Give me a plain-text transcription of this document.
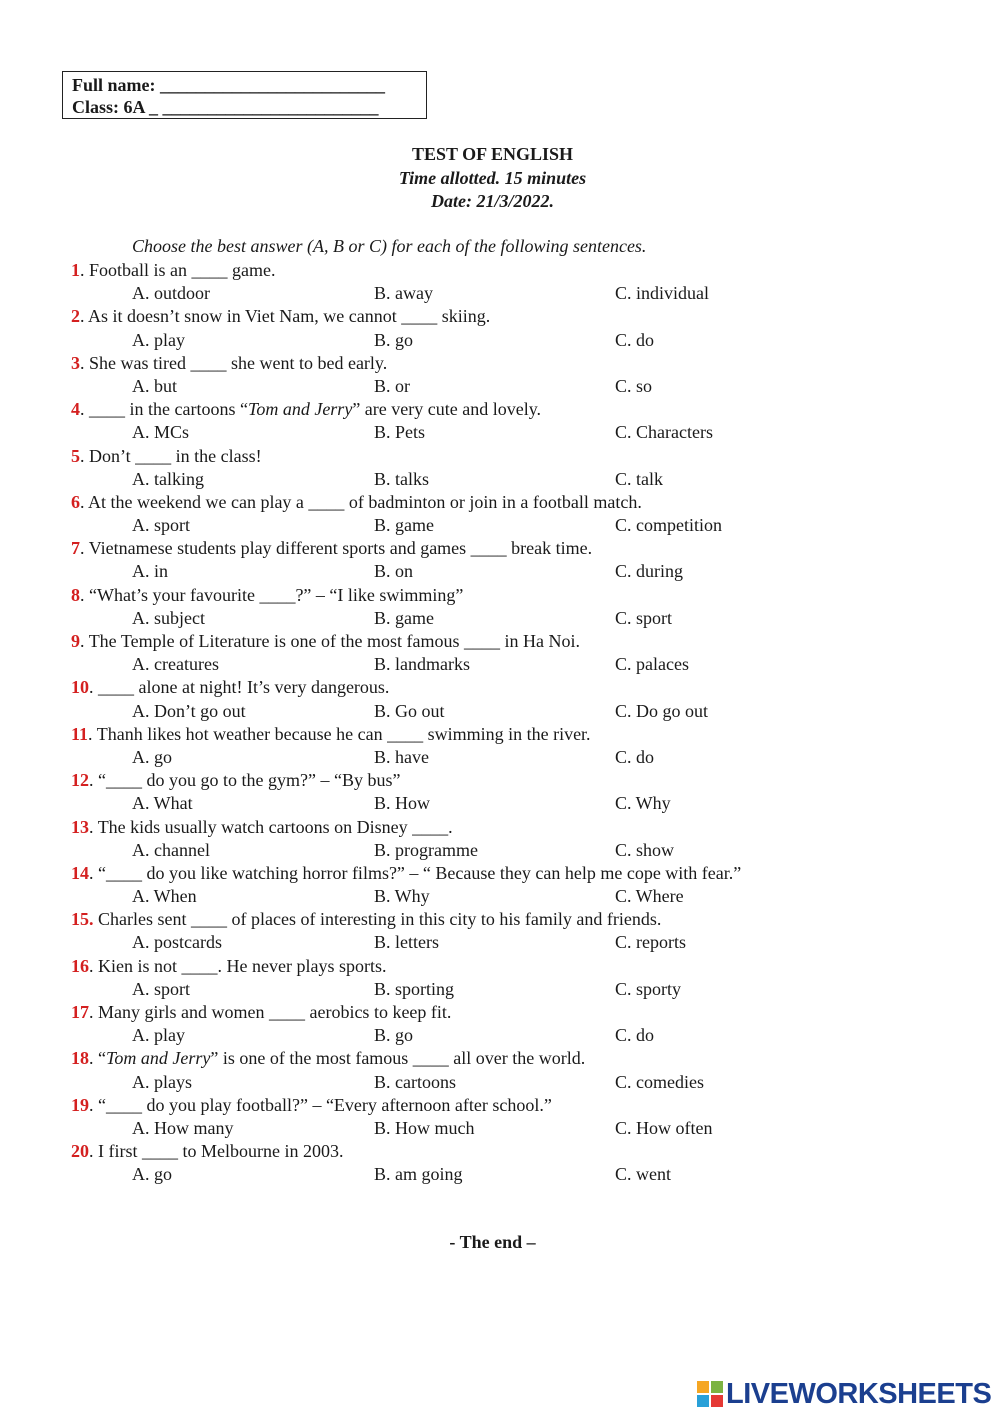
Full name: _________________________
Class: 6A _ ________________________
TEST OF ENGLISH
Time allotted. 15 minutes
Date: 21/3/2022.
Choose the best answer (A, B or C) for each of the following sentences.
1. Football is an ____ game.
A. outdoor	B. away	C. individual
2. As it doesn’t snow in Viet Nam, we cannot ____ skiing.
A. play	B. go	C. do
3. She was tired ____ she went to bed early.
A. but	B. or	C. so
4. ____ in the cartoons “Tom and Jerry” are very cute and lovely.
A. MCs	B. Pets	C. Characters
5. Don’t ____ in the class!
A. talking	B. talks	C. talk
6. At the weekend we can play a ____ of badminton or join in a football match.
A. sport	B. game	C. competition
7. Vietnamese students play different sports and games ____ break time.
A. in	B. on	C. during
8. “What’s your favourite ____?” – “I like swimming”
A. subject	B. game	C. sport
9. The Temple of Literature is one of the most famous ____ in Ha Noi.
A. creatures	B. landmarks	C. palaces
10. ____ alone at night! It’s very dangerous.
A. Don’t go out	B. Go out	C. Do go out
11. Thanh likes hot weather because he can ____ swimming in the river.
A. go	B. have	C. do
12. “____ do you go to the gym?” – “By bus”
A. What	B. How	C. Why
13. The kids usually watch cartoons on Disney ____.
A. channel	B. programme	C. show
14. “____ do you like watching horror films?” – “ Because they can help me cope with fear.”
A. When	B. Why	C. Where
15. Charles sent ____ of places of interesting in this city to his family and friends.
A. postcards	B. letters	C. reports
16. Kien is not ____. He never plays sports.
A. sport	B. sporting	C. sporty
17. Many girls and women ____ aerobics to keep fit.
A. play	B. go	C. do
18. “Tom and Jerry” is one of the most famous ____ all over the world.
A. plays	B. cartoons	C. comedies
19. “____ do you play football?” – “Every afternoon after school.”
A. How many	B. How much	C. How often
20. I first ____ to Melbourne in 2003.
A. go	B. am going	C. went
- The end –
LIVEWORKSHEETS
